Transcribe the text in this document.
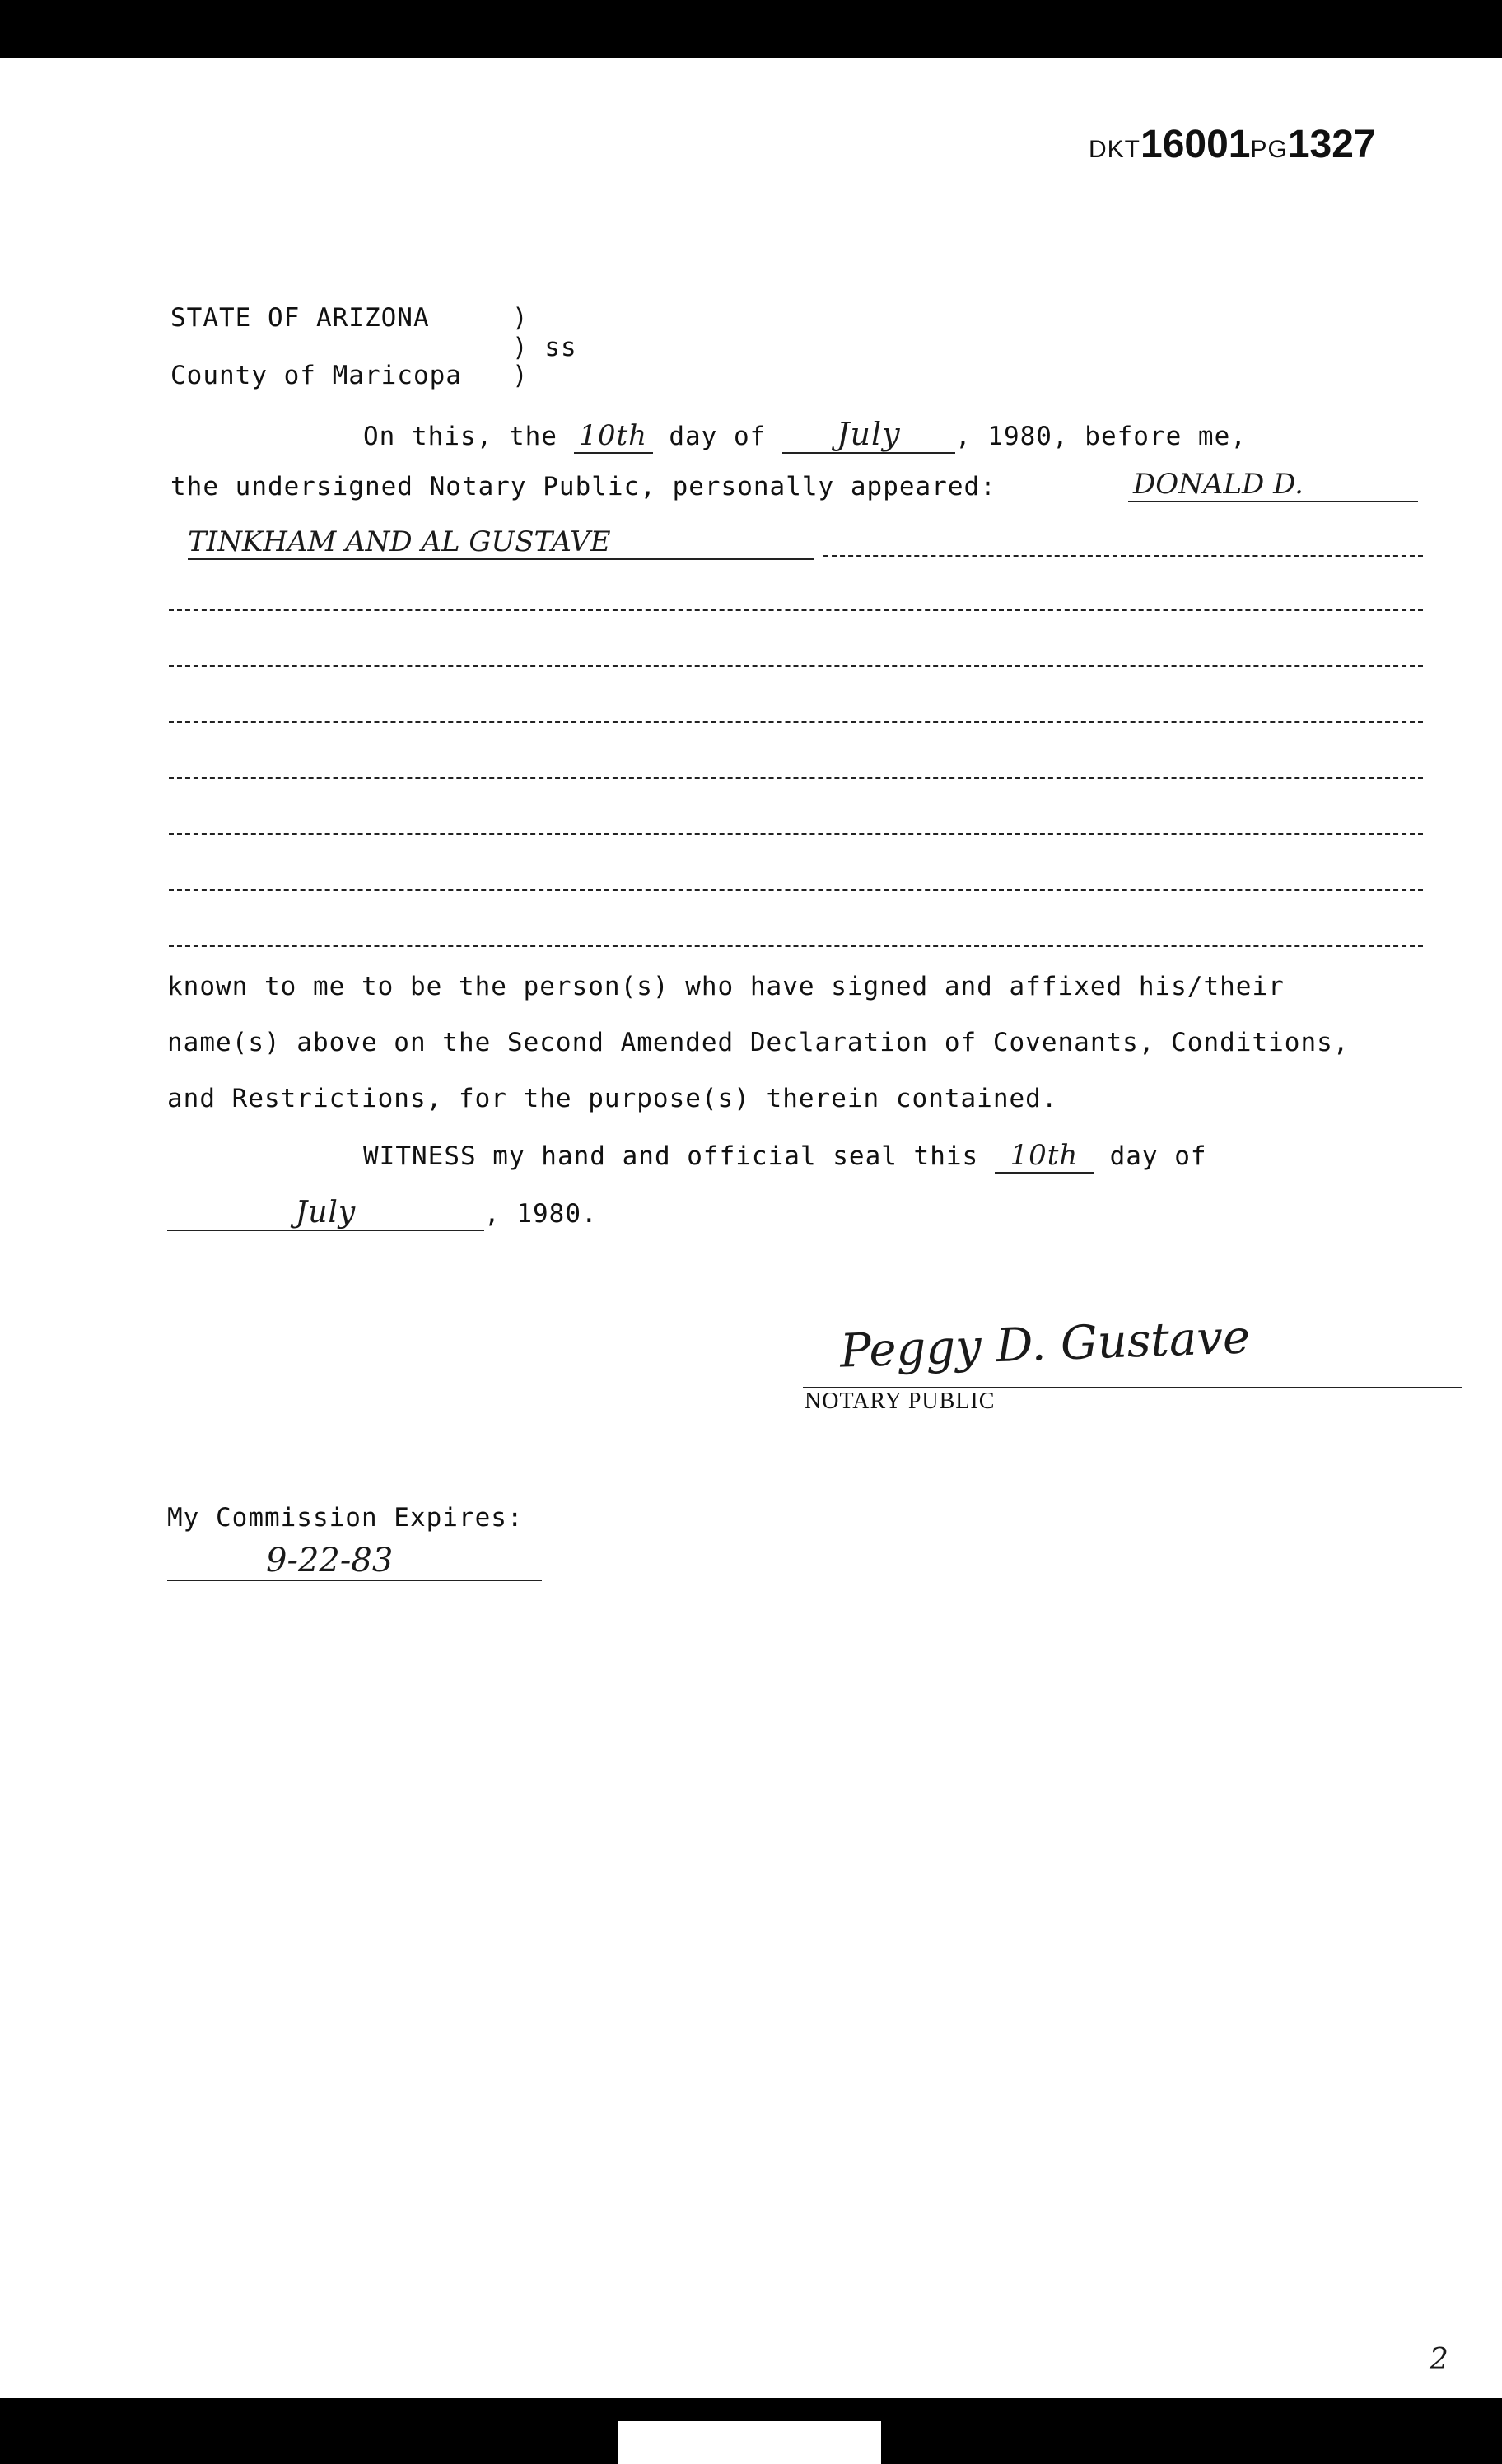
DKT16001PG1327
STATE OF ARIZONA	)
) ss
County of Maricopa )
On this, the 10th day of July , 1980, before me,
the undersigned Notary Public, personally appeared:	DONALD D.
TINKHAM AND AL GUSTAVE
known to me to be the person(s) who have signed and affixed his/their
name(s) above on the Second Amended Declaration of Covenants, Conditions,
and Restrictions, for the purpose(s) therein contained.
WITNESS my hand and official seal this 10th day of
July	, 1980.
Peggy D. Gustave
NOTARY PUBLIC
My Commission Expires:
9-22-83
2
